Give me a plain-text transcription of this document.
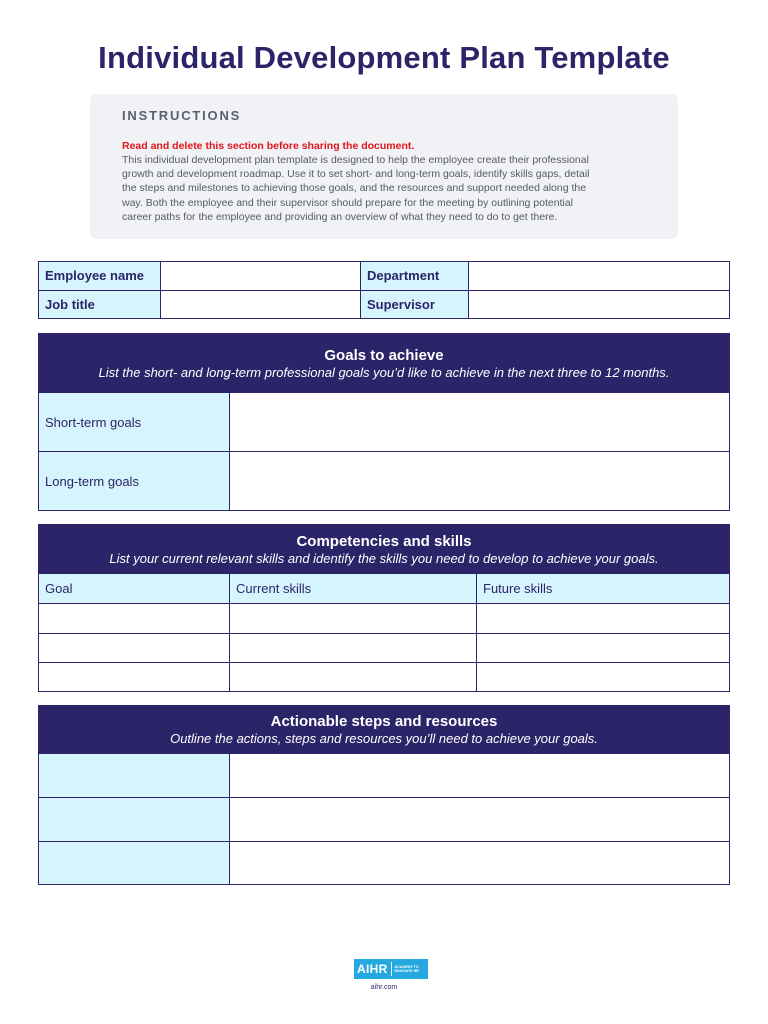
Individual Development Plan Template
INSTRUCTIONS
Read and delete this section before sharing the document.
This individual development plan template is designed to help the employee create their professional
growth and development roadmap. Use it to set short- and long-term goals, identify skills gaps, detail
the steps and milestones to achieving those goals, and the resources and support needed along the
way. Both the employee and their supervisor should prepare for the meeting by outlining potential
career paths for the employee and providing an overview of what they need to do to get there.
Employee name		Department	
Job title		Supervisor	
Goals to achieve
List the short- and long-term professional goals you’d like to achieve in the next three to 12 months.	

Short-term goals	
Long-term goals	
Competencies and skills
List your current relevant skills and identify the skills you need to develop to achieve your goals.		

Goal	Current skills	Future skills

Actionable steps and resources
Outline the actions, steps and resources you’ll need to achieve your goals.	

AIHR ACADEMY TO
INNOVATE HR
aihr.com
